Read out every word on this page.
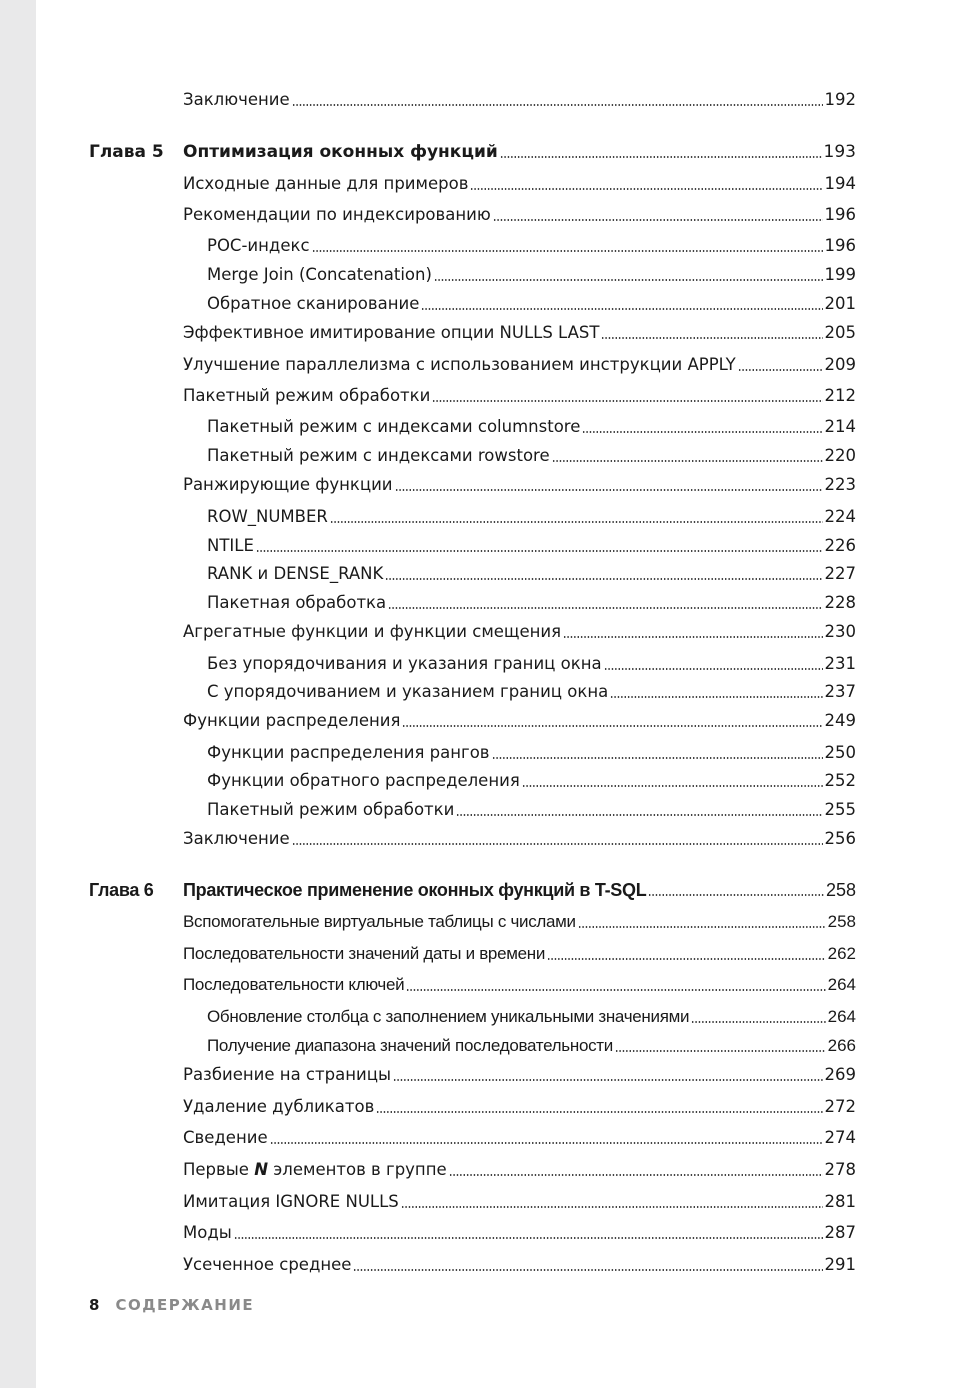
Заключение	192
Глава 5 Оптимизация оконных функций	193
Исходные данные для примеров	194
Рекомендации по индексированию	196
POC-индекс	196
Merge Join (Concatenation)	199
Обратное сканирование	201
Эффективное имитирование опции NULLS LAST	205
Улучшение параллелизма с использованием инструкции APPLY	209
Пакетный режим обработки	212
Пакетный режим с индексами columnstore	214
Пакетный режим с индексами rowstore	220
Ранжирующие функции	223
ROW_NUMBER	224
NTILE	226
RANK и DENSE_RANK	227
Пакетная обработка	228
Агрегатные функции и функции смещения	230
Без упорядочивания и указания границ окна	231
С упорядочиванием и указанием границ окна	237
Функции распределения	249
Функции распределения рангов	250
Функции обратного распределения	252
Пакетный режим обработки	255
Заключение	256
Глава 6 Практическое применение оконных функций в T-SQL	258
Вспомогательные виртуальные таблицы с числами	258
Последовательности значений даты и времени	262
Последовательности ключей	264
Обновление столбца с заполнением уникальными значениями	264
Получение диапазона значений последовательности	266
Разбиение на страницы	269
Удаление дубликатов	272
Сведение	274
Первые N элементов в группе	278
Имитация IGNORE NULLS	281
Моды	287
Усеченное среднее	291
8 СОДЕРЖАНИЕ
